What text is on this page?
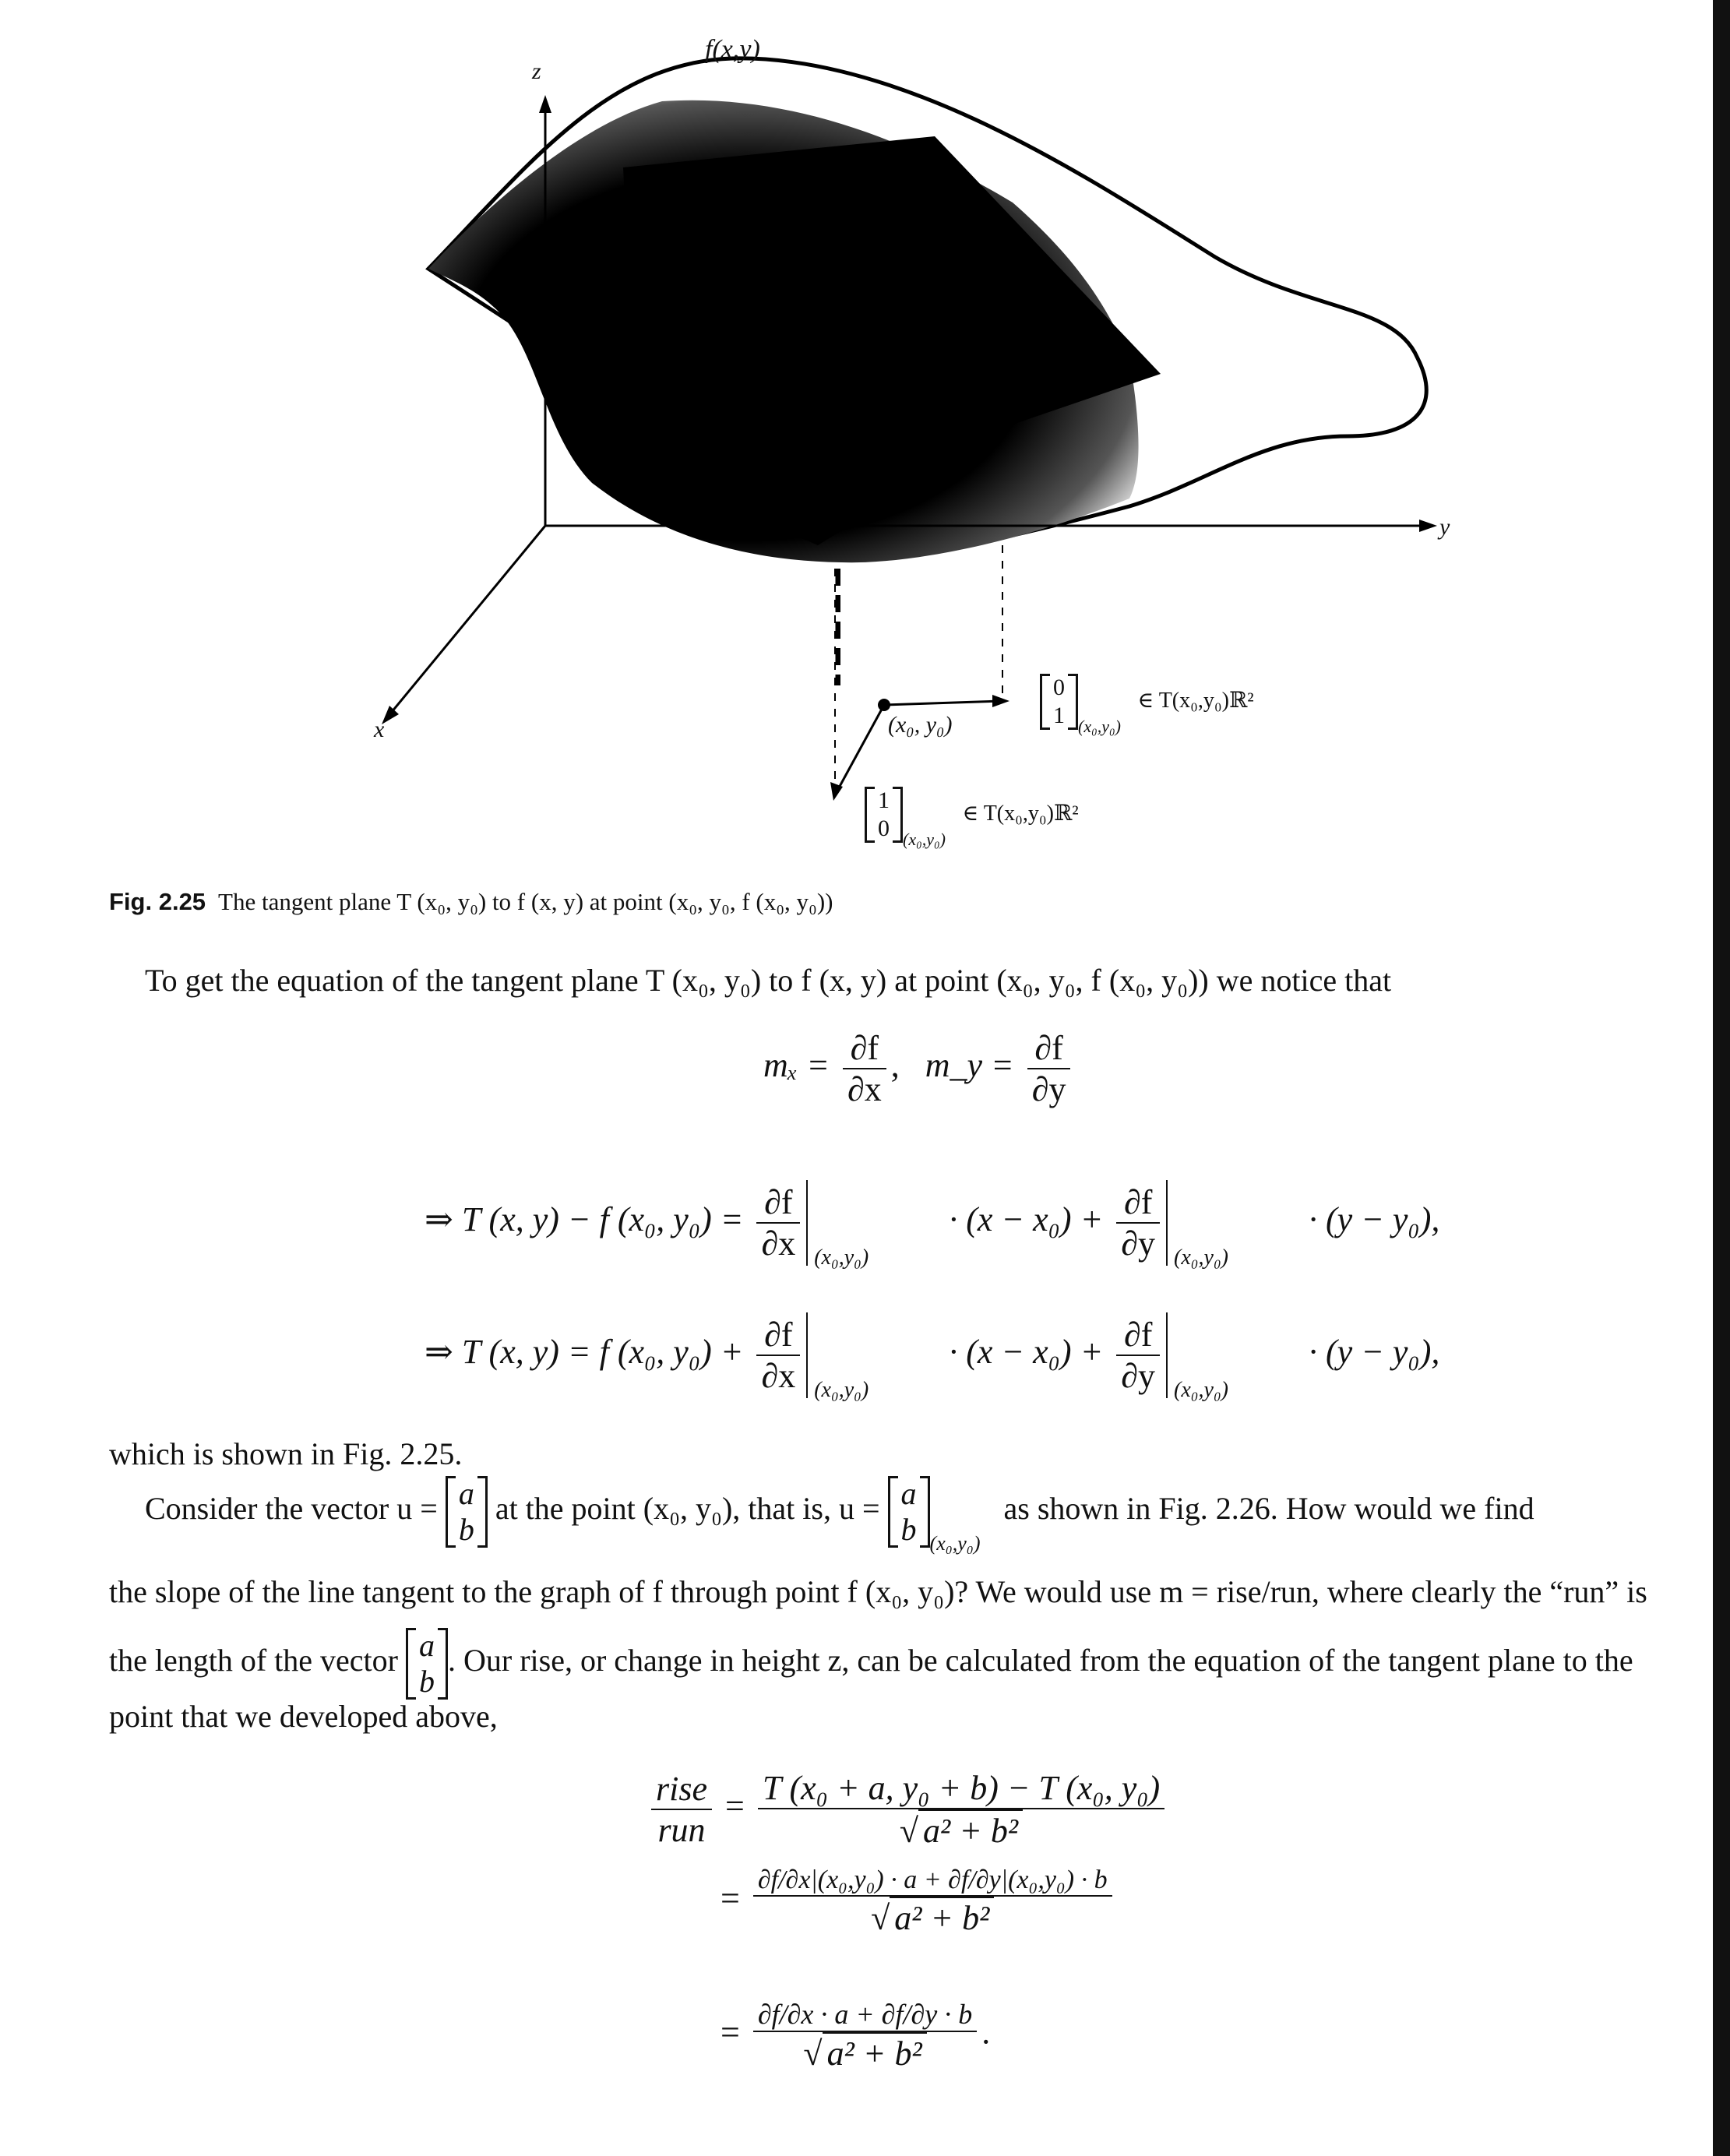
z
f(x,y)
y
x	(x₀, y₀)
0
1 $_{(x_0,y_0)}$ ∈ T(x₀,y₀)ℝ²
1
0 $_{(x_0,y_0)}$ ∈ T(x₀,y₀)ℝ²
Fig. 2.25 The tangent plane T (x₀, y₀) to f (x, y) at point (x₀, y₀, f (x₀, y₀))
To get the equation of the tangent plane T (x₀, y₀) to f (x, y) at point (x₀, y₀, f (x₀, y₀)) we notice that
$m_x = \frac{\partial f}{\partial x}$ ,   m_y = $\frac{\partial f}{\partial y}$
⇒ T (x, y) − f (x₀, $y_0) = \frac{\partial f}{\partial x} (x_0,y_0)$
· $(x - x_0) + \frac{\partial f}{\partial y} (x_0,y_0)$
· (y − y₀),
⇒ T (x, y) = f (x₀, $y_0) + \frac{\partial f}{\partial x} (x_0,y_0)$
· $(x - x_0) + \frac{\partial f}{\partial y} (x_0,y_0)$
· (y − y₀),
which is shown in Fig. 2.25.
Consider the vector u = a
b at the point (x₀, y₀), that is, u = a
b $_{(x_0,y_0)}$ as shown in Fig. 2.26. How would we find
the slope of the line tangent to the graph of f through point f (x₀, y₀)? We would use m = rise/run, where clearly the “run” is
the length of the vector a
b. Our rise, or change in height z, can be calculated from the equation of the tangent plane to the
point that we developed above,
$\frac{\text{rise}}{\text{run}} = \frac{\text{T (x₀ + a, y₀ + b) − T (x₀, y₀)}}{\text{√ a² + b²}}$
= $\frac{\text{∂f/∂x|(x₀,y₀) · a + ∂f/∂y|(x₀,y₀) · b}}{\text{√ a² + b²}}$
= $\frac{\partial f/\partial x \cdot a + \partial f/\partial y \cdot b}{\text{√ a² + b²}}$ .
